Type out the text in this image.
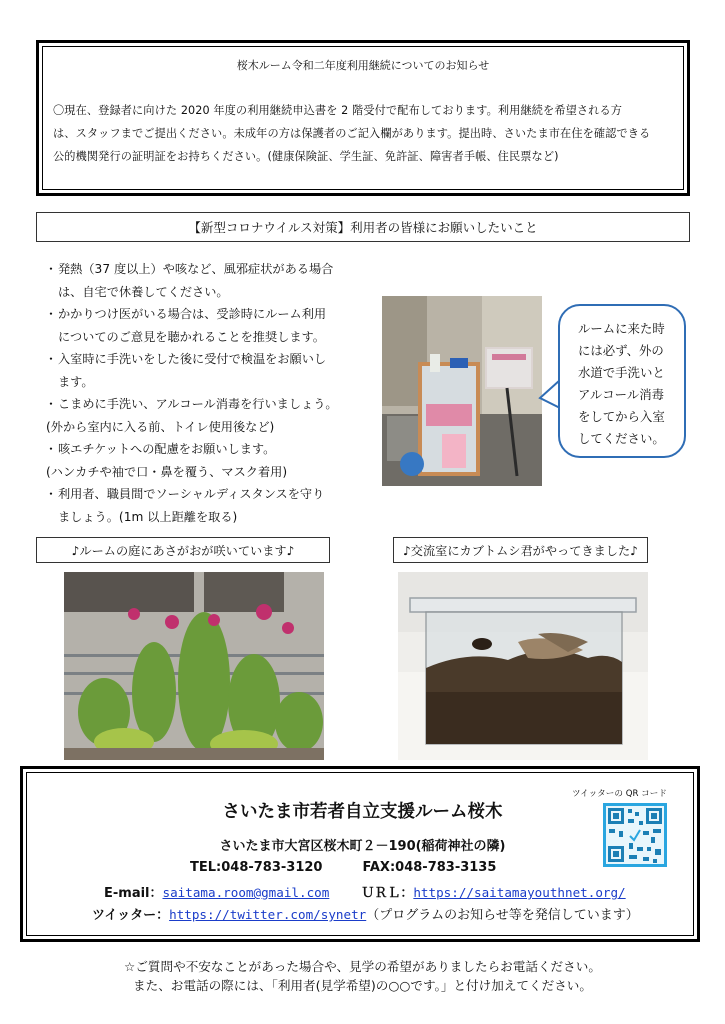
桜木ルーム令和二年度利用継続についてのお知らせ
〇現在、登録者に向けた 2020 年度の利用継続申込書を 2 階受付で配布しております。利用継続を希望される方
は、スタッフまでご提出ください。未成年の方は保護者のご記入欄があります。提出時、さいたま市在住を確認できる
公的機関発行の証明証をお持ちください。(健康保険証、学生証、免許証、障害者手帳、住民票など)
【新型コロナウイルス対策】利用者の皆様にお願いしたいこと
・発熱（37 度以上）や咳など、風邪症状がある場合
は、自宅で休養してください。
・かかりつけ医がいる場合は、受診時にルーム利用
についてのご意見を聴かれることを推奨します。
・入室時に手洗いをした後に受付で検温をお願いし
ます。
・こまめに手洗い、アルコール消毒を行いましょう。
(外から室内に入る前、トイレ使用後など)
・咳エチケットへの配慮をお願いします。
(ハンカチや袖で口・鼻を覆う、マスク着用)
・利用者、職員間でソーシャルディスタンスを守り
ましょう。(1m 以上距離を取る)
ルームに来た時
には必ず、外の
水道で手洗いと
アルコール消毒
をしてから入室
してください。
♪ルームの庭にあさがおが咲いています♪	♪交流室にカブトムシ君がやってきました♪
ツイッターの QR コード
さいたま市若者自立支援ルーム桜木
さいたま市大宮区桜木町２－190(稲荷神社の隣)
TEL:048-783-3120	FAX:048-783-3135
E-mail：saitama.room@gmail.com ＵＲＬ：https://saitamayouthnet.org/
ツイッター：https://twitter.com/synetr（プログラムのお知らせ等を発信しています）
☆ご質問や不安なことがあった場合や、見学の希望がありましたらお電話ください。
また、お電話の際には、「利用者(見学希望)の○○です。」と付け加えてください。
